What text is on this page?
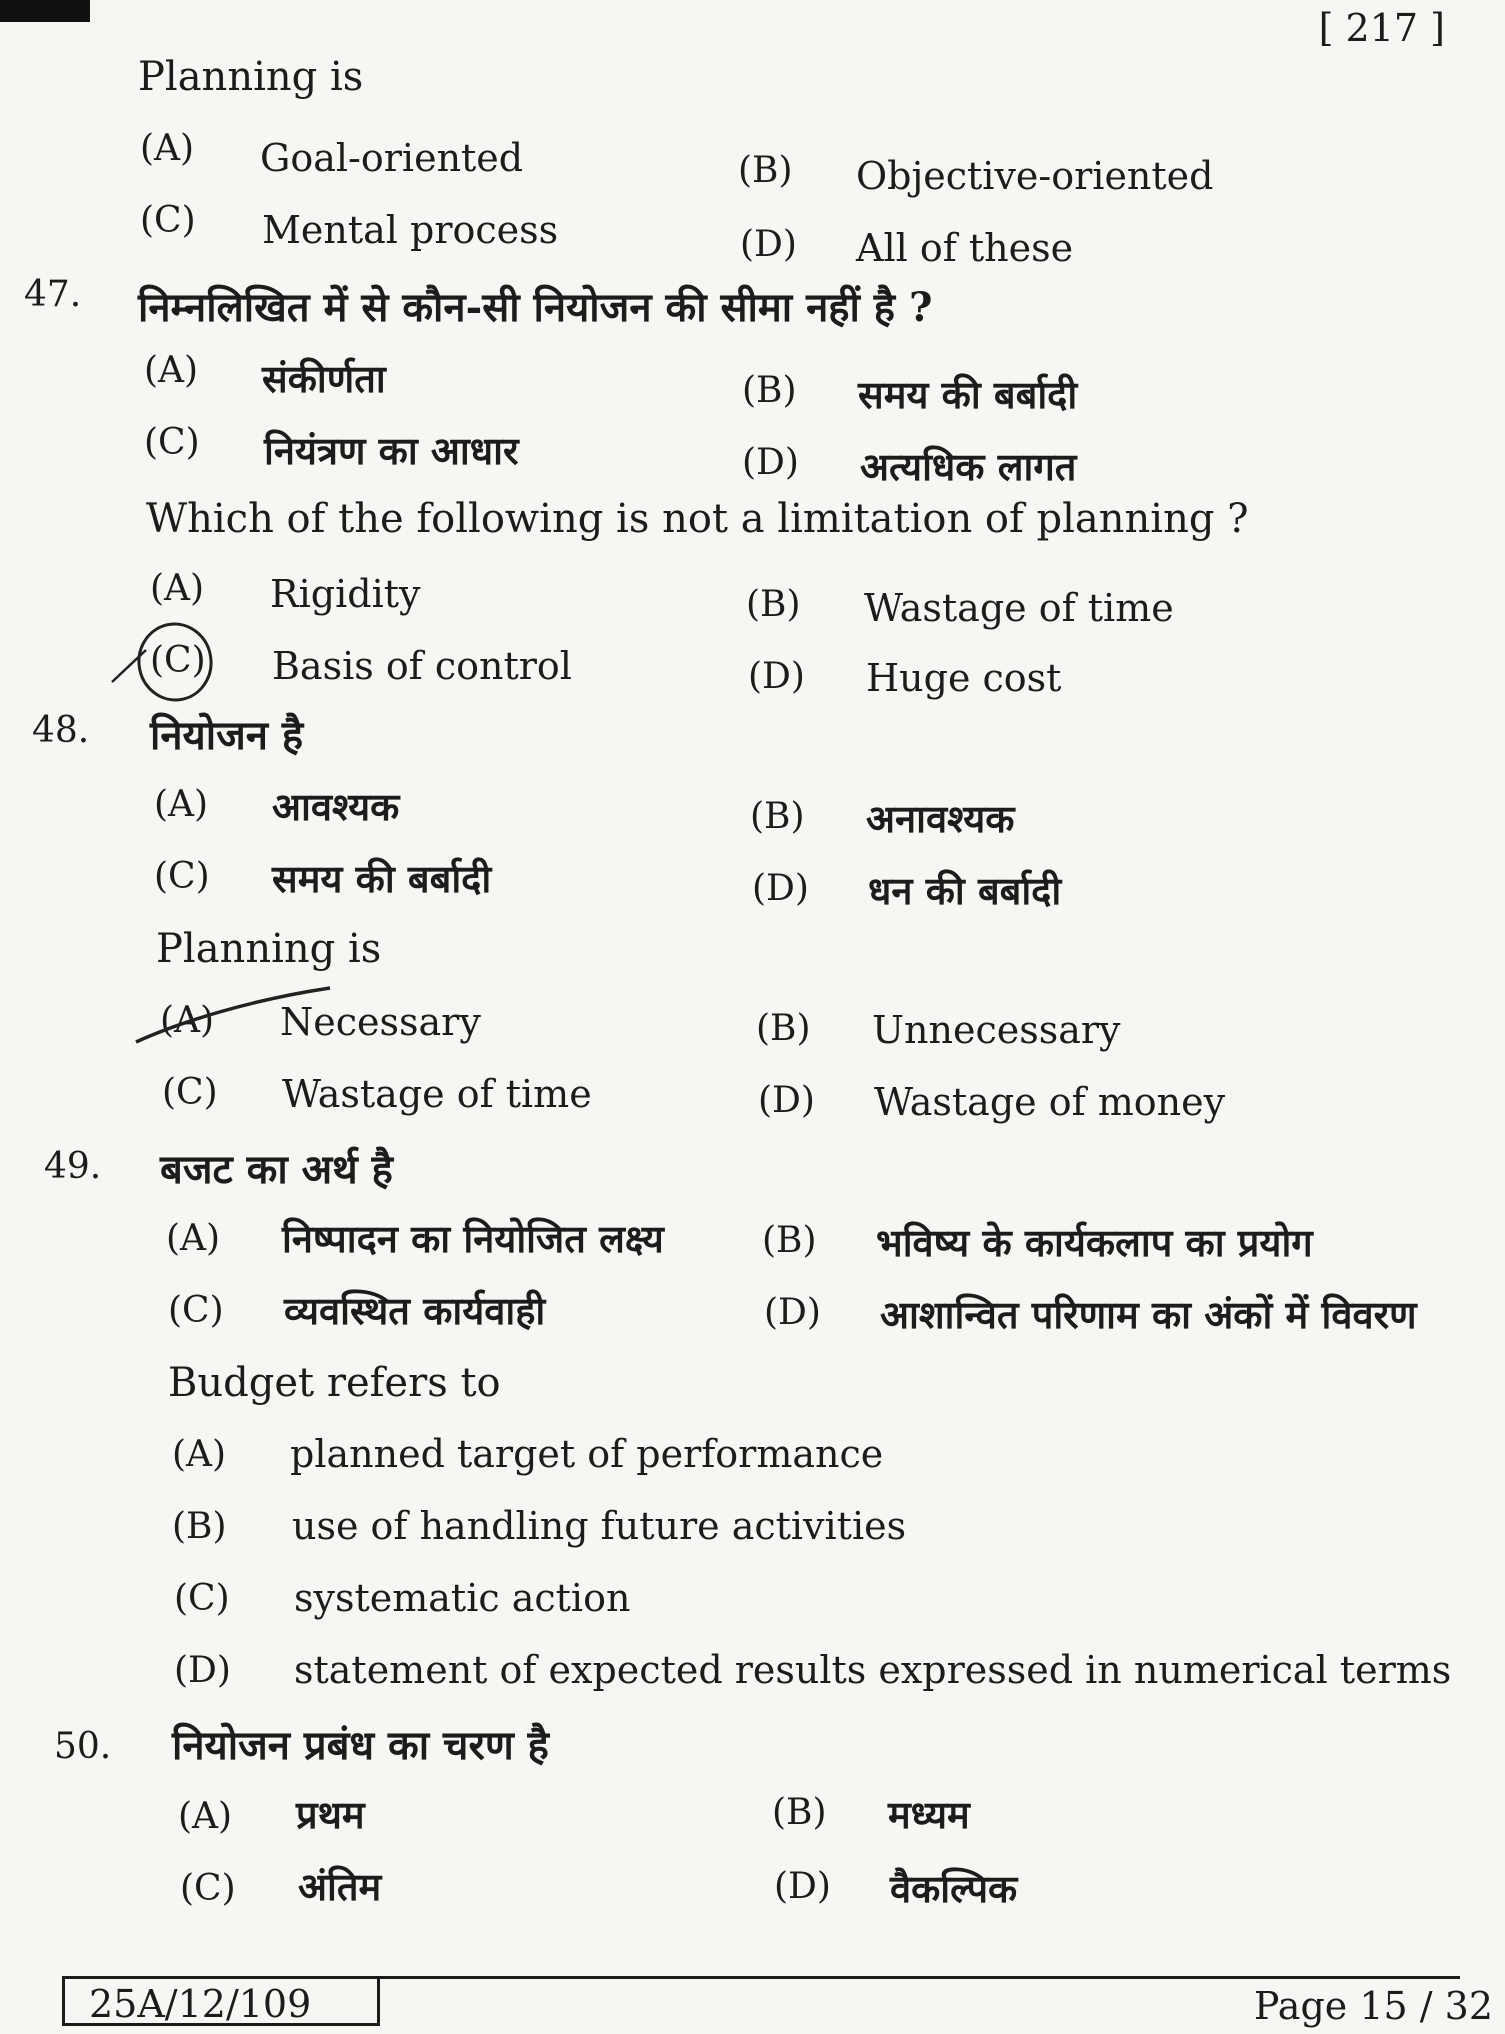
[ 217 ]
Planning is
(A) Goal-oriented	(B) Objective-oriented
(C) Mental process	(D) All of these
47. निम्नलिखित में से कौन-सी नियोजन की सीमा नहीं है ?
(A) संकीर्णता	(B) समय की बर्बादी
(C) नियंत्रण का आधार	(D) अत्यधिक लागत
Which of the following is not a limitation of planning ?
(A) Rigidity	(B) Wastage of time
(C) Basis of control	(D) Huge cost
48. नियोजन है
(A) आवश्यक	(B) अनावश्यक
(C) समय की बर्बादी	(D) धन की बर्बादी
Planning is
(A) Necessary	(B) Unnecessary
(C) Wastage of time	(D) Wastage of money
49. बजट का अर्थ है
(A) निष्पादन का नियोजित लक्ष्य	(B) भविष्य के कार्यकलाप का प्रयोग
(C) व्यवस्थित कार्यवाही	(D) आशान्वित परिणाम का अंकों में विवरण
Budget refers to
(A) planned target of performance
(B) use of handling future activities
(C) systematic action
(D) statement of expected results expressed in numerical terms
50. नियोजन प्रबंध का चरण है
(A) प्रथम	(B) मध्यम
(C) अंतिम	(D) वैकल्पिक
25A/12/109	Page 15 / 32
